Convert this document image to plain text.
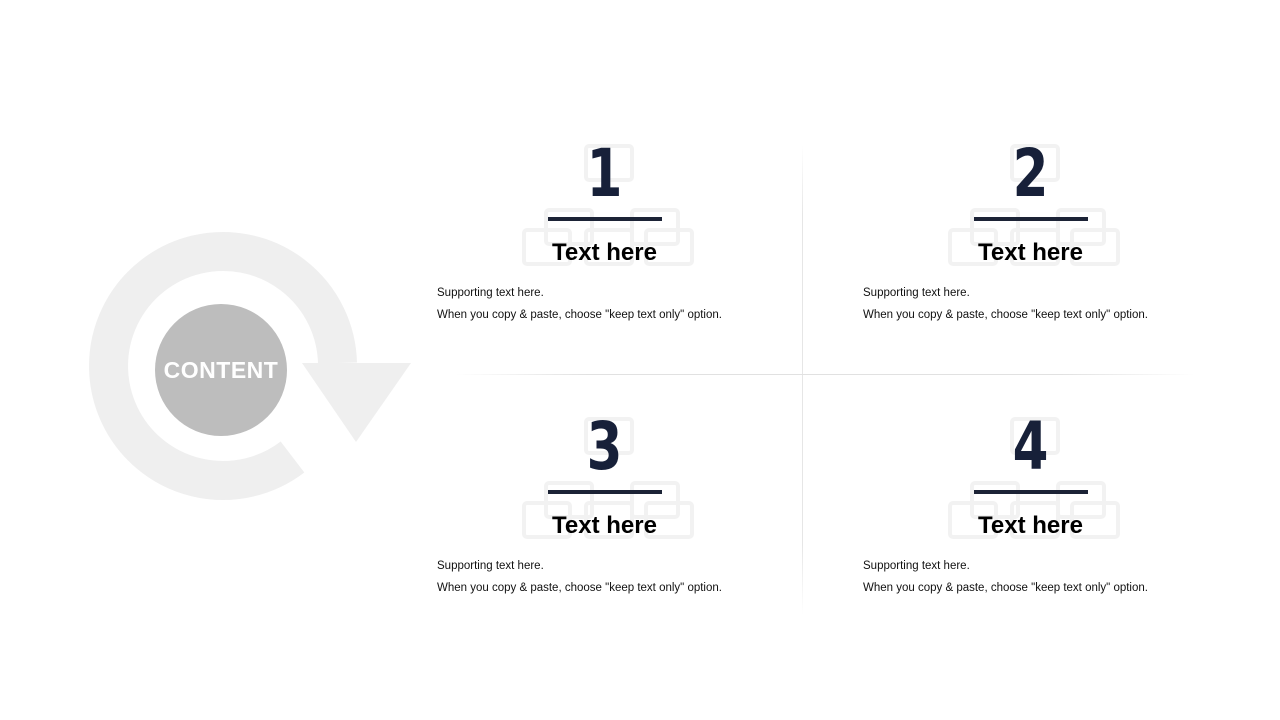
CONTENT
1
Text here
Supporting text here.
When you copy & paste, choose "keep text only" option.
2
Text here
Supporting text here.
When you copy & paste, choose "keep text only" option.
3
Text here
Supporting text here.
When you copy & paste, choose "keep text only" option.
4
Text here
Supporting text here.
When you copy & paste, choose "keep text only" option.
